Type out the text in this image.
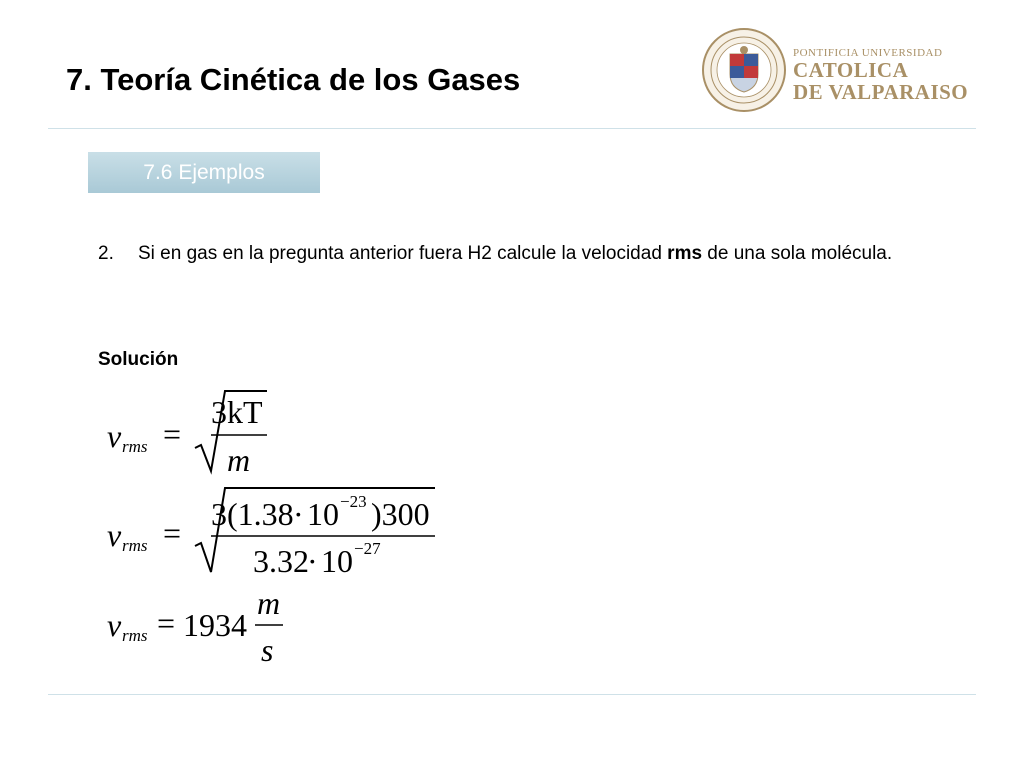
7. Teoría Cinética de los Gases
PONTIFICIA UNIVERSIDAD
CATOLICA
DE VALPARAISO
7.6 Ejemplos
2. Si en gas en la pregunta anterior fuera H2 calcule la velocidad rms de una sola molécula.
Solución
v rms =
3kT
m
v rms =
3(1.38 · 10 −23 )300
3.32
· 10 −27
v rms = 1934
m
s
